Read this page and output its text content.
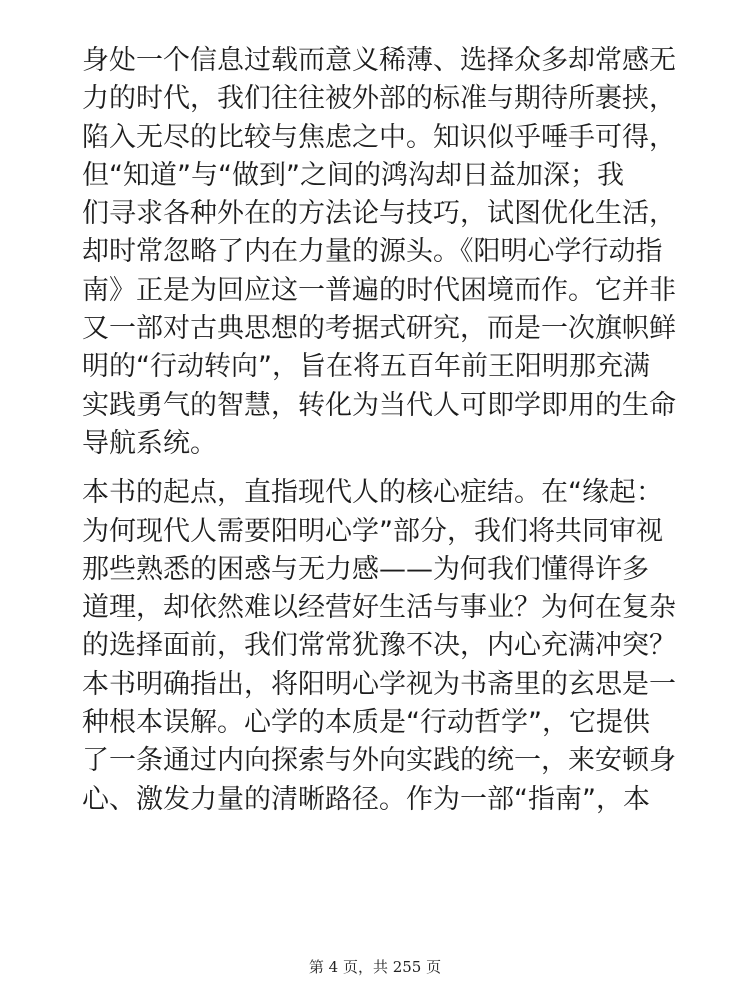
身处一个信息过载而意义稀薄、选择众多却常感无
力的时代，我们往往被外部的标准与期待所裹挟，
陷入无尽的比较与焦虑之中。知识似乎唾手可得，
但“知道”与“做到”之间的鸿沟却日益加深；我
们寻求各种外在的方法论与技巧，试图优化生活，
却时常忽略了内在力量的源头。《阳明心学行动指
南》正是为回应这一普遍的时代困境而作。它并非
又一部对古典思想的考据式研究，而是一次旗帜鲜
明的“行动转向”，旨在将五百年前王阳明那充满
实践勇气的智慧，转化为当代人可即学即用的生命
导航系统。

本书的起点，直指现代人的核心症结。在“缘起：
为何现代人需要阳明心学”部分，我们将共同审视
那些熟悉的困惑与无力感——为何我们懂得许多
道理，却依然难以经营好生活与事业？为何在复杂
的选择面前，我们常常犹豫不决，内心充满冲突？
本书明确指出，将阳明心学视为书斋里的玄思是一
种根本误解。心学的本质是“行动哲学”，它提供
了一条通过内向探索与外向实践的统一，来安顿身
心、激发力量的清晰路径。作为一部“指南”，本

第 4 页，共 255 页
